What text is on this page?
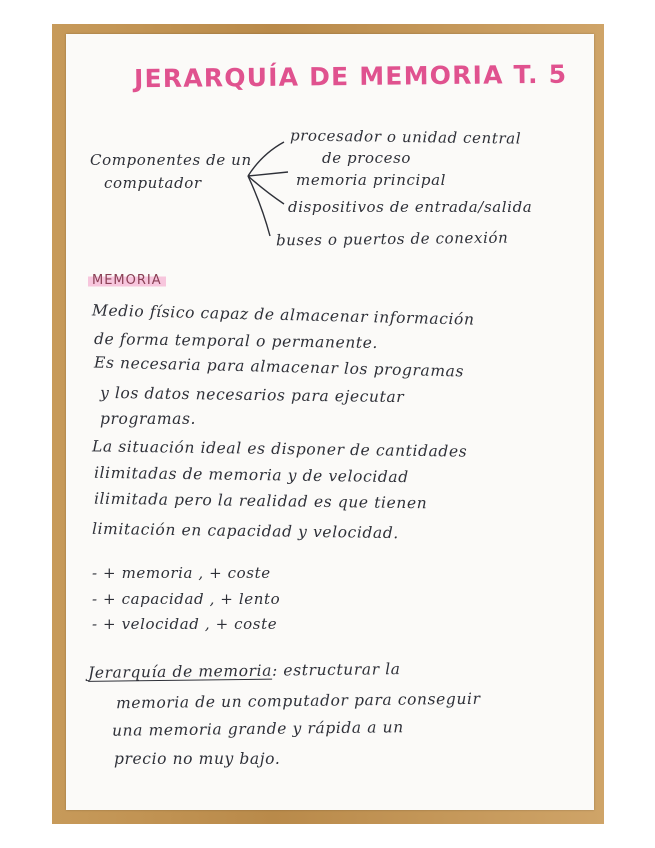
JERARQUÍA DE MEMORIA T. 5

Componentes de un

computador

procesador o unidad central

de proceso

memoria principal

dispositivos de entrada/salida

buses o puertos de conexión

MEMORIA

Medio físico capaz de almacenar información

de forma temporal o permanente.

Es necesaria para almacenar los programas

y los datos necesarios para ejecutar

programas.

La situación ideal es disponer de cantidades

ilimitadas de memoria y de velocidad

ilimitada pero la realidad es que tienen

limitación en capacidad y velocidad.

- + memoria , + coste

- + capacidad , + lento

- + velocidad , + coste

Jerarquía de memoria: estructurar la

memoria de un computador para conseguir

una memoria grande y rápida a un

precio no muy bajo.
